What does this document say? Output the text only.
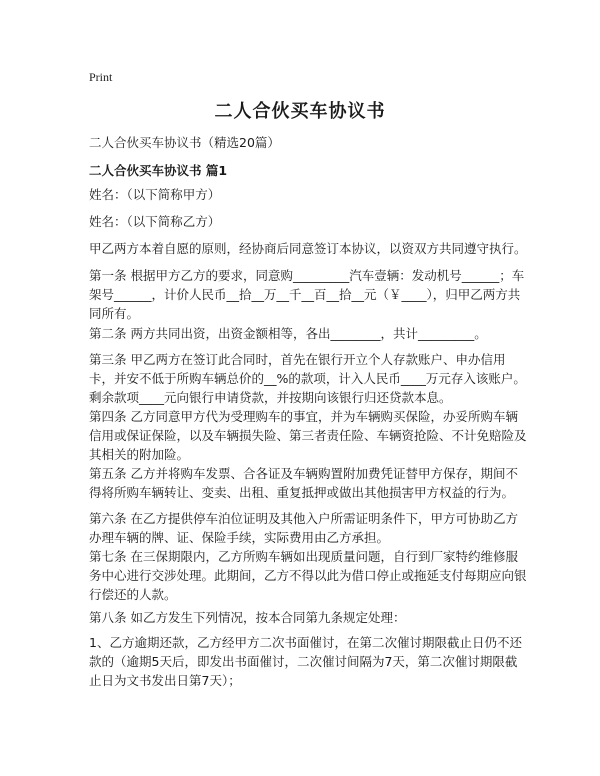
Print
二人合伙买车协议书

二人合伙买车协议书（精选20篇）

二人合伙买车协议书 篇1

姓名：（以下简称甲方）

姓名：（以下简称乙方）

甲乙两方本着自愿的原则，经协商后同意签订本协议，以资双方共同遵守执行。

第一条 根据甲方乙方的要求，同意购_________汽车壹辆：发动机号______；车架号______，计价人民币__拾__万__千__百__拾__元（￥____），归甲乙两方共同所有。

第二条 两方共同出资，出资金额相等，各出________，共计_________。

第三条 甲乙两方在签订此合同时，首先在银行开立个人存款账户、申办信用卡，并安不低于所购车辆总价的__%的款项，计入人民币____万元存入该账户。剩余款项____元向银行申请贷款，并按期向该银行归还贷款本息。

第四条 乙方同意甲方代为受理购车的事宜，并为车辆购买保险，办妥所购车辆信用或保证保险，以及车辆损失险、第三者责任险、车辆资抢险、不计免赔险及其相关的附加险。

第五条 乙方并将购车发票、合各证及车辆购置附加费凭证替甲方保存，期间不得将所购车辆转让、变卖、出租、重复抵押或做出其他损害甲方权益的行为。

第六条 在乙方提供停车泊位证明及其他入户所需证明条件下，甲方可协助乙方办理车辆的牌、证、保险手续，实际费用由乙方承担。

第七条 在三保期限内，乙方所购车辆如出现质量问题，自行到厂家特约维修服务中心进行交涉处理。此期间，乙方不得以此为借口停止或拖延支付每期应向银行偿还的人款。

第八条 如乙方发生下列情况，按本合同第九条规定处理：

1、乙方逾期还款，乙方经甲方二次书面催讨，在第二次催讨期限截止日仍不还款的（逾期5天后，即发出书面催讨，二次催讨间隔为7天，第二次催讨期限截止日为文书发出日第7天）；
